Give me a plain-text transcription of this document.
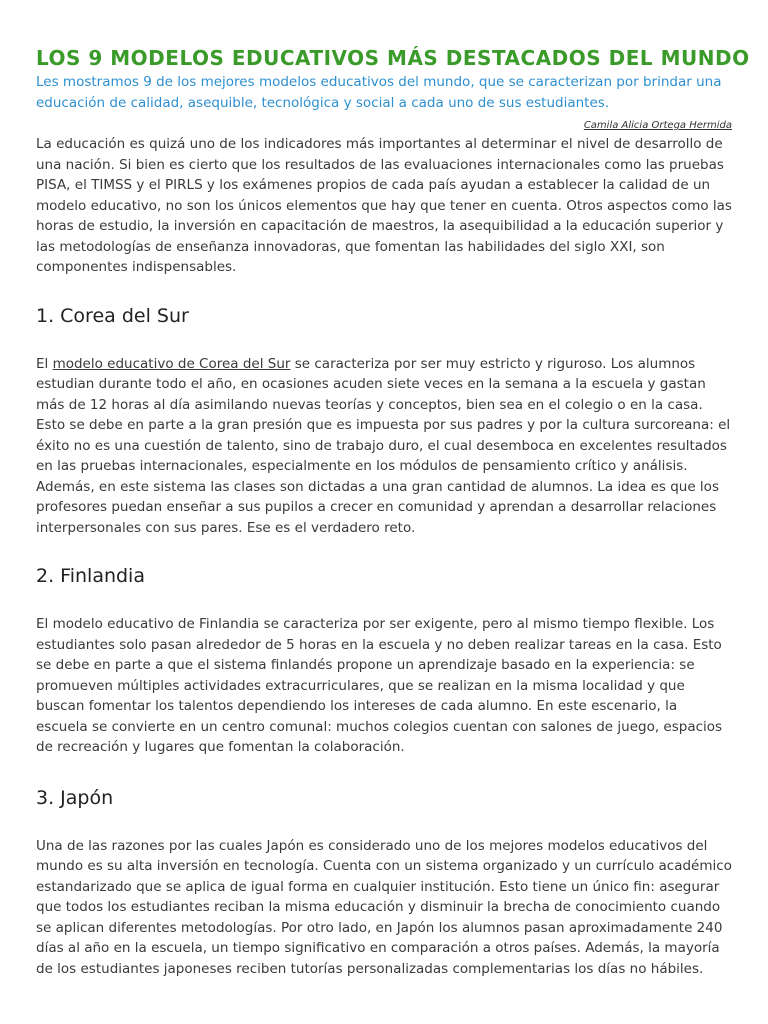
LOS 9 MODELOS EDUCATIVOS MÁS DESTACADOS DEL MUNDO

Les mostramos 9 de los mejores modelos educativos del mundo, que se caracterizan por brindar una educación de calidad, asequible, tecnológica y social a cada uno de sus estudiantes.

Camila Alicia Ortega Hermida

La educación es quizá uno de los indicadores más importantes al determinar el nivel de desarrollo de una nación. Si bien es cierto que los resultados de las evaluaciones internacionales como las pruebas PISA, el TIMSS y el PIRLS y los exámenes propios de cada país ayudan a establecer la calidad de un modelo educativo, no son los únicos elementos que hay que tener en cuenta. Otros aspectos como las horas de estudio, la inversión en capacitación de maestros, la asequibilidad a la educación superior y las metodologías de enseñanza innovadoras, que fomentan las habilidades del siglo XXI, son componentes indispensables.

1. Corea del Sur

El modelo educativo de Corea del Sur se caracteriza por ser muy estricto y riguroso. Los alumnos estudian durante todo el año, en ocasiones acuden siete veces en la semana a la escuela y gastan más de 12 horas al día asimilando nuevas teorías y conceptos, bien sea en el colegio o en la casa. Esto se debe en parte a la gran presión que es impuesta por sus padres y por la cultura surcoreana: el éxito no es una cuestión de talento, sino de trabajo duro, el cual desemboca en excelentes resultados en las pruebas internacionales, especialmente en los módulos de pensamiento crítico y análisis.

Además, en este sistema las clases son dictadas a una gran cantidad de alumnos. La idea es que los profesores puedan enseñar a sus pupilos a crecer en comunidad y aprendan a desarrollar relaciones interpersonales con sus pares. Ese es el verdadero reto.

2. Finlandia

El modelo educativo de Finlandia se caracteriza por ser exigente, pero al mismo tiempo flexible. Los estudiantes solo pasan alrededor de 5 horas en la escuela y no deben realizar tareas en la casa. Esto se debe en parte a que el sistema finlandés propone un aprendizaje basado en la experiencia: se promueven múltiples actividades extracurriculares, que se realizan en la misma localidad y que buscan fomentar los talentos dependiendo los intereses de cada alumno. En este escenario, la escuela se convierte en un centro comunal: muchos colegios cuentan con salones de juego, espacios de recreación y lugares que fomentan la colaboración.

3. Japón

Una de las razones por las cuales Japón es considerado uno de los mejores modelos educativos del mundo es su alta inversión en tecnología. Cuenta con un sistema organizado y un currículo académico estandarizado que se aplica de igual forma en cualquier institución. Esto tiene un único fin: asegurar que todos los estudiantes reciban la misma educación y disminuir la brecha de conocimiento cuando se aplican diferentes metodologías. Por otro lado, en Japón los alumnos pasan aproximadamente 240 días al año en la escuela, un tiempo significativo en comparación a otros países. Además, la mayoría de los estudiantes japoneses reciben tutorías personalizadas complementarias los días no hábiles.
